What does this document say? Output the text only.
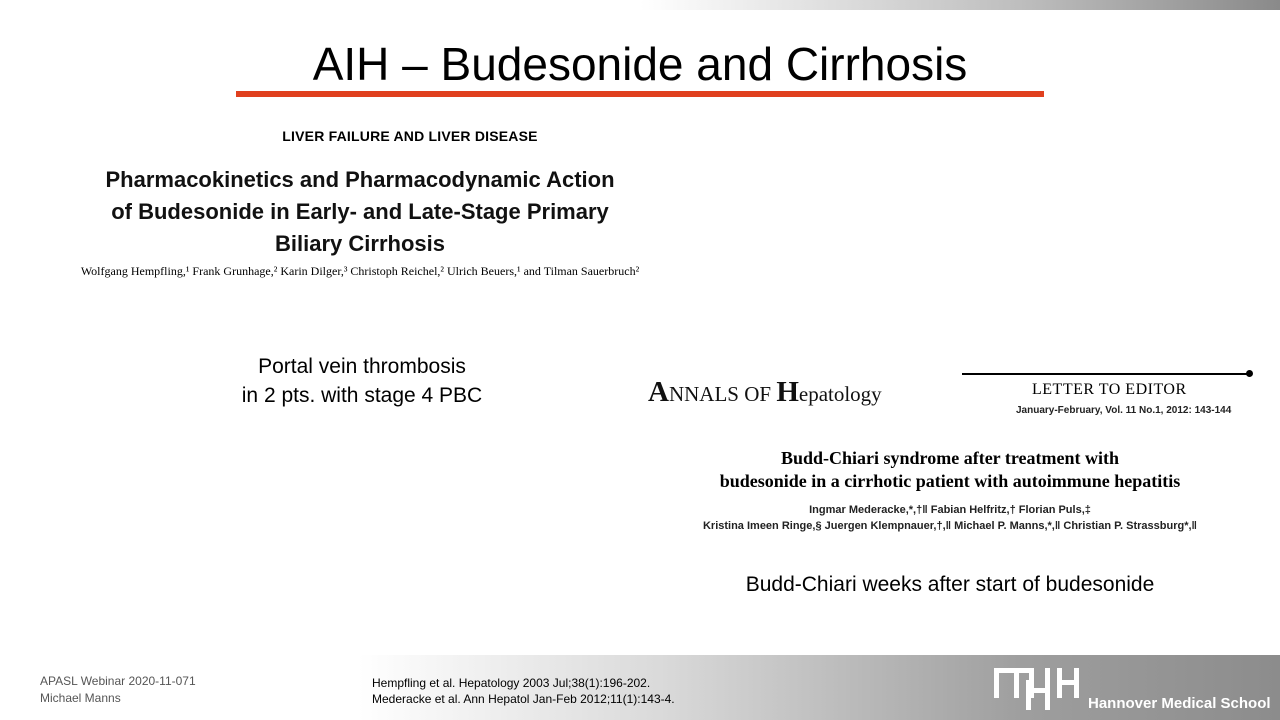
AIH – Budesonide and Cirrhosis
LIVER FAILURE AND LIVER DISEASE
Pharmacokinetics and Pharmacodynamic Action
of Budesonide in Early- and Late-Stage Primary
Biliary Cirrhosis
Wolfgang Hempfling,¹ Frank Grunhage,² Karin Dilger,³ Christoph Reichel,² Ulrich Beuers,¹ and Tilman Sauerbruch²
Portal vein thrombosis
in 2 pts. with stage 4 PBC	ANNALS OF Hepatology	LETTER TO EDITOR
January-February, Vol. 11 No.1, 2012: 143-144
Budd-Chiari syndrome after treatment with
budesonide in a cirrhotic patient with autoimmune hepatitis
Ingmar Mederacke,*,†‖ Fabian Helfritz,† Florian Puls,‡
Kristina Imeen Ringe,§ Juergen Klempnauer,†,‖ Michael P. Manns,*,‖ Christian P. Strassburg*,‖
Budd-Chiari weeks after start of budesonide
APASL Webinar 2020-11-071
Michael Manns
Hempfling et al. Hepatology 2003 Jul;38(1):196-202.
Mederacke et al. Ann Hepatol Jan-Feb 2012;11(1):143-4.	Hannover Medical School
